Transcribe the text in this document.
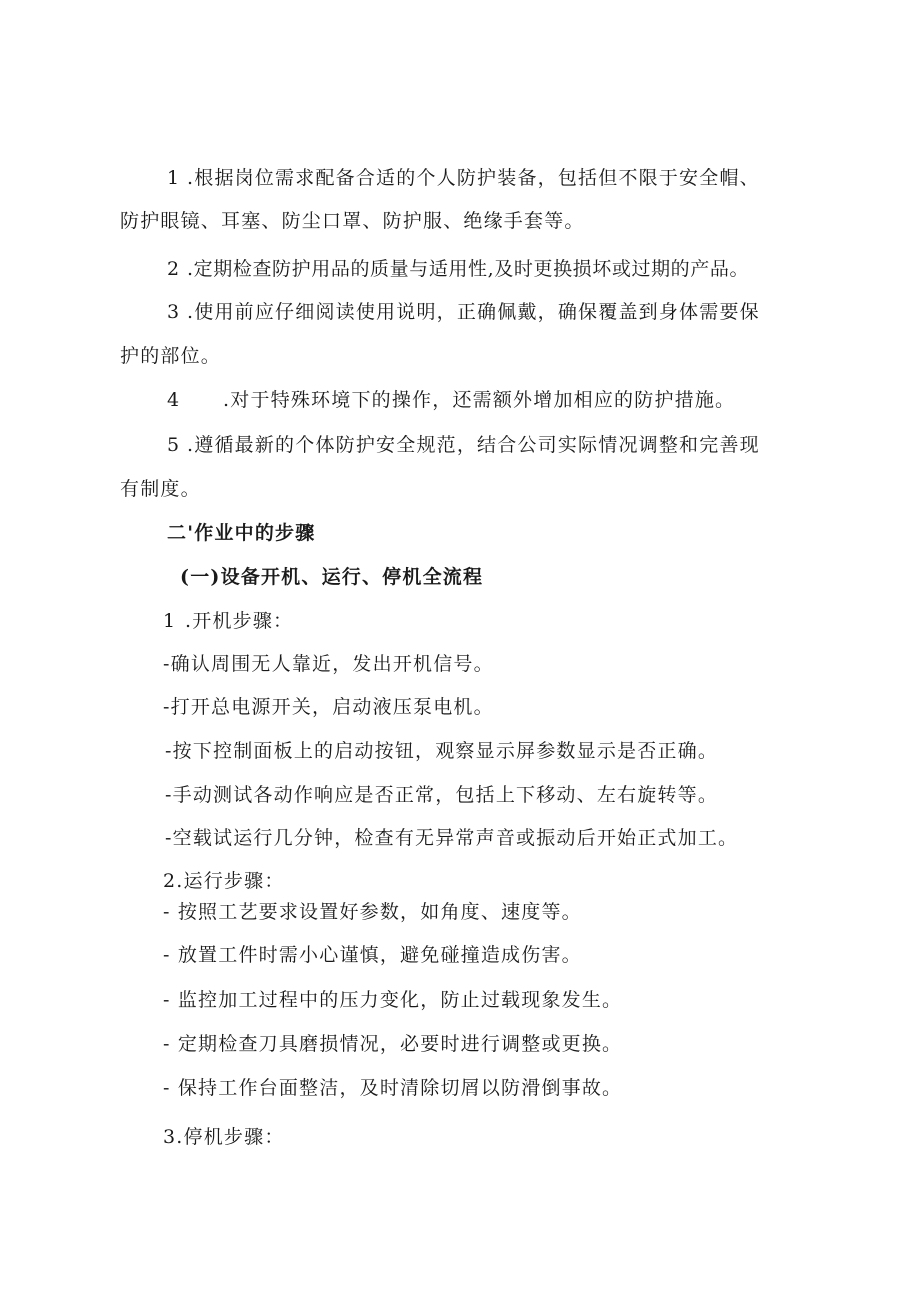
1 .根据岗位需求配备合适的个人防护装备，包括但不限于安全帽、
防护眼镜、耳塞、防尘口罩、防护服、绝缘手套等。
2 .定期检查防护用品的质量与适用性,及时更换损坏或过期的产品。
3 .使用前应仔细阅读使用说明，正确佩戴，确保覆盖到身体需要保
护的部位。
4 .对于特殊环境下的操作，还需额外增加相应的防护措施。
5 .遵循最新的个体防护安全规范，结合公司实际情况调整和完善现
有制度。
二'作业中的步骤
(一)设备开机、运行、停机全流程
1 .开机步骤：
-确认周围无人靠近，发出开机信号。
-打开总电源开关，启动液压泵电机。
-按下控制面板上的启动按钮，观察显示屏参数显示是否正确。
-手动测试各动作响应是否正常，包括上下移动、左右旋转等。
-空载试运行几分钟，检查有无异常声音或振动后开始正式加工。
2.运行步骤：
- 按照工艺要求设置好参数，如角度、速度等。
- 放置工件时需小心谨慎，避免碰撞造成伤害。
- 监控加工过程中的压力变化，防止过载现象发生。
- 定期检查刀具磨损情况，必要时进行调整或更换。
- 保持工作台面整洁，及时清除切屑以防滑倒事故。
3.停机步骤：
